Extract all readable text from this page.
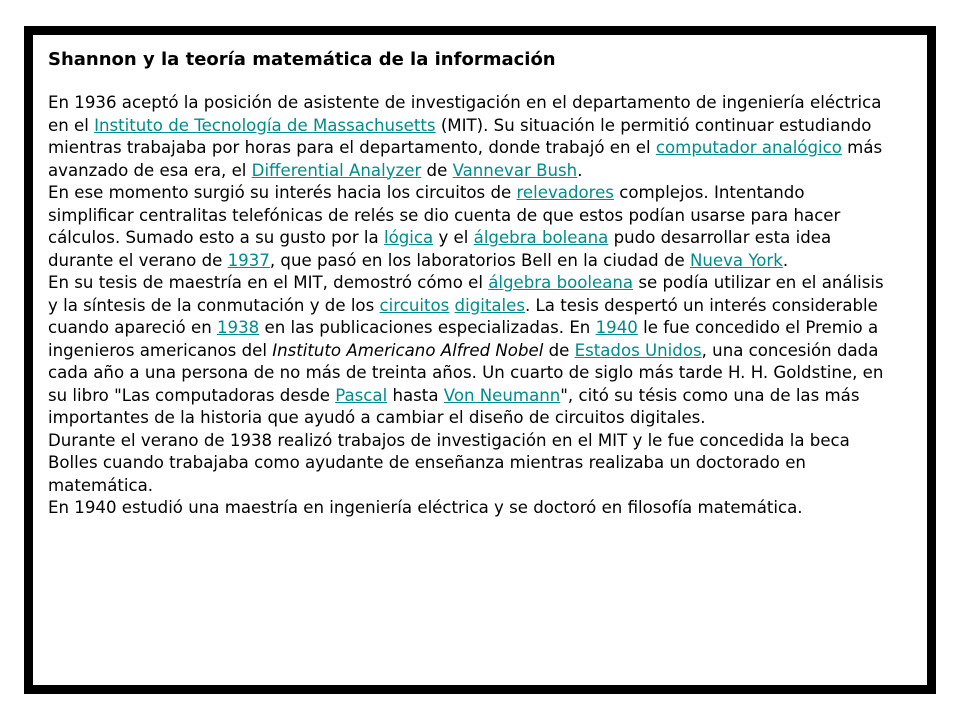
Shannon y la teoría matemática de la información

En 1936 aceptó la posición de asistente de investigación en el departamento de ingeniería eléctrica en el Instituto de Tecnología de Massachusetts (MIT). Su situación le permitió continuar estudiando mientras trabajaba por horas para el departamento, donde trabajó en el computador analógico más avanzado de esa era, el Differential Analyzer de Vannevar Bush.

En ese momento surgió su interés hacia los circuitos de relevadores complejos. Intentando simplificar centralitas telefónicas de relés se dio cuenta de que estos podían usarse para hacer cálculos. Sumado esto a su gusto por la lógica y el álgebra boleana pudo desarrollar esta idea durante el verano de 1937, que pasó en los laboratorios Bell en la ciudad de Nueva York.

En su tesis de maestría en el MIT, demostró cómo el álgebra booleana se podía utilizar en el análisis y la síntesis de la conmutación y de los circuitos digitales. La tesis despertó un interés considerable cuando apareció en 1938 en las publicaciones especializadas. En 1940 le fue concedido el Premio a ingenieros americanos del Instituto Americano Alfred Nobel de Estados Unidos, una concesión dada cada año a una persona de no más de treinta años. Un cuarto de siglo más tarde H. H. Goldstine, en su libro "Las computadoras desde Pascal hasta Von Neumann", citó su tésis como una de las más importantes de la historia que ayudó a cambiar el diseño de circuitos digitales.

Durante el verano de 1938 realizó trabajos de investigación en el MIT y le fue concedida la beca Bolles cuando trabajaba como ayudante de enseñanza mientras realizaba un doctorado en matemática.

En 1940 estudió una maestría en ingeniería eléctrica y se doctoró en filosofía matemática.
